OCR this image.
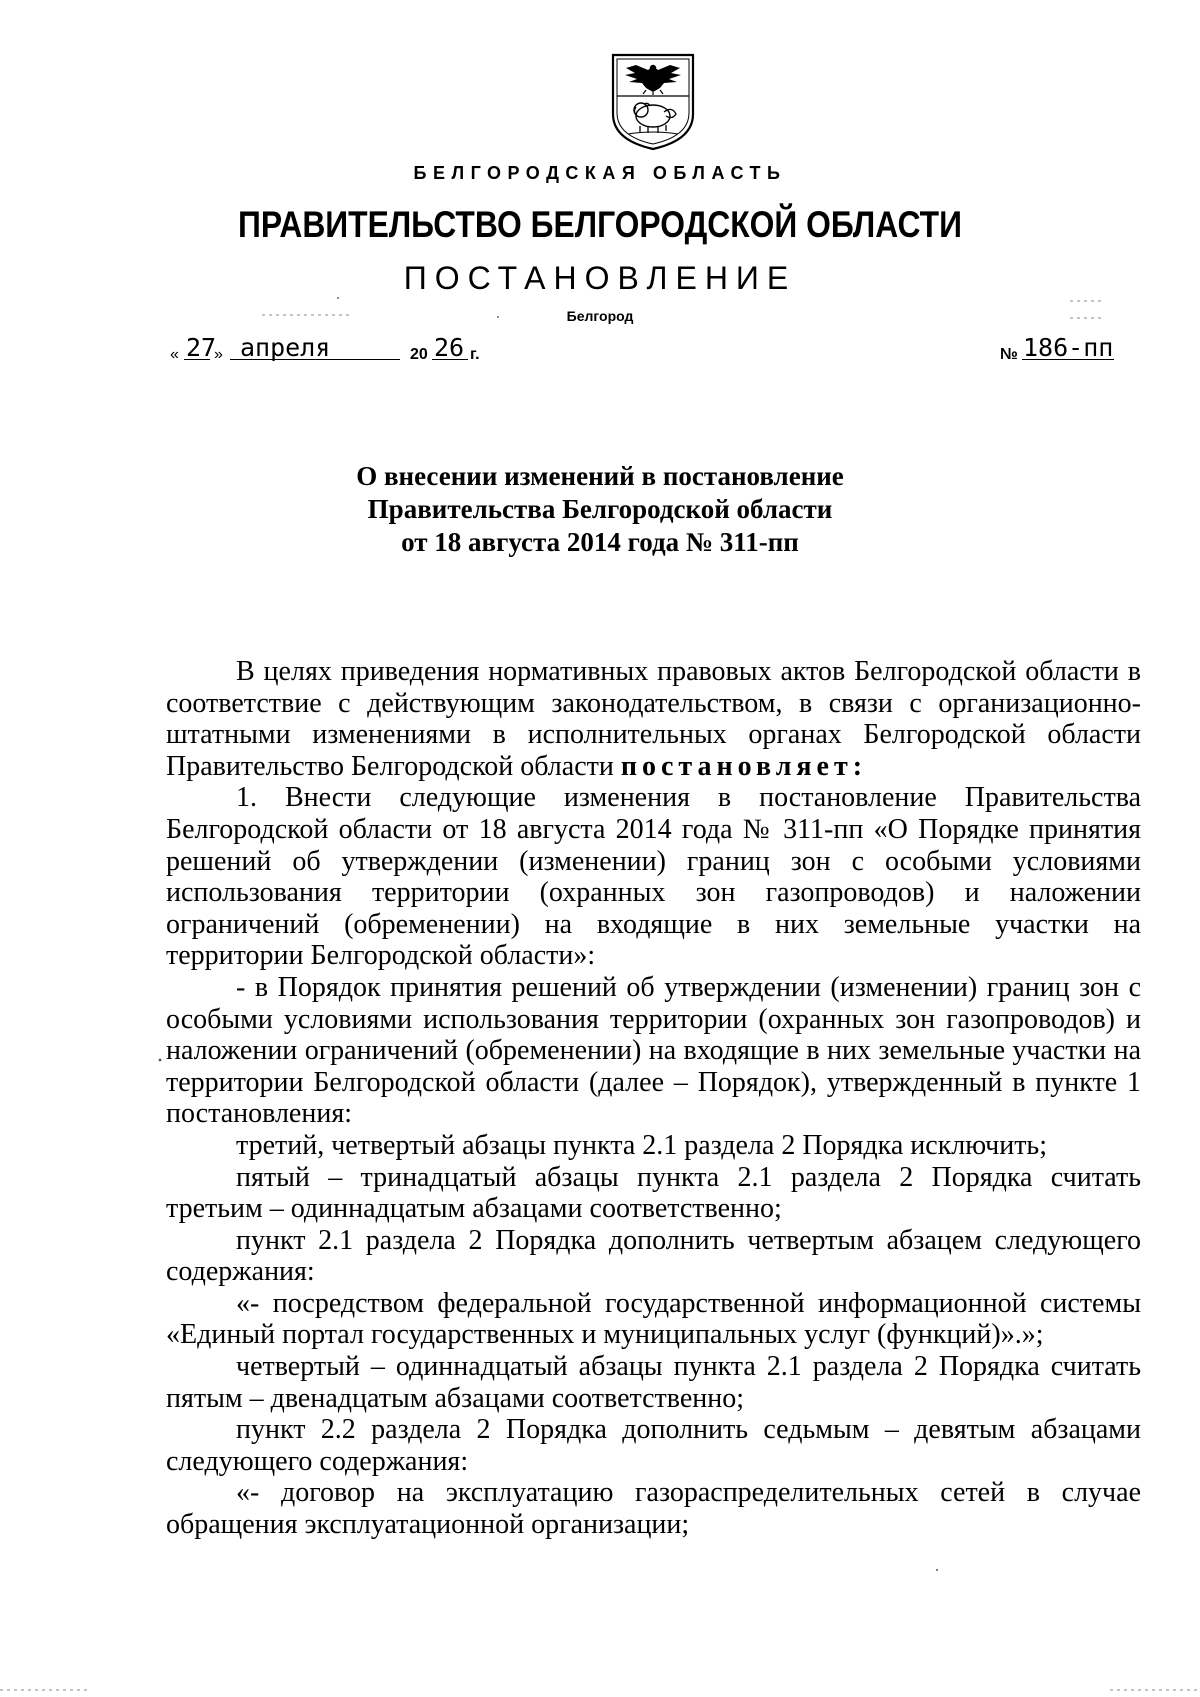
БЕЛГОРОДСКАЯ ОБЛАСТЬ
ПРАВИТЕЛЬСТВО БЕЛГОРОДСКОЙ ОБЛАСТИ
ПОСТАНОВЛЕНИЕ
Белгород
« 27
» апреля	20 26 г.	№ 186-пп
О внесении изменений в постановление
Правительства Белгородской области
от 18 августа 2014 года № 311-пп

В целях приведения нормативных правовых актов Белгородской области в соответствие с действующим законодательством, в связи с организационно-штатными изменениями в исполнительных органах Белгородской области Правительство Белгородской области постановляет:

1. Внести следующие изменения в постановление Правительства Белгородской области от 18 августа 2014 года № 311-пп «О Порядке принятия решений об утверждении (изменении) границ зон с особыми условиями использования территории (охранных зон газопроводов) и наложении ограничений (обременении) на входящие в них земельные участки на территории Белгородской области»:

- в Порядок принятия решений об утверждении (изменении) границ зон с особыми условиями использования территории (охранных зон газопроводов) и наложении ограничений (обременении) на входящие в них земельные участки на территории Белгородской области (далее – Порядок), утвержденный в пункте 1 постановления:

третий, четвертый абзацы пункта 2.1 раздела 2 Порядка исключить;

пятый – тринадцатый абзацы пункта 2.1 раздела 2 Порядка считать третьим – одиннадцатым абзацами соответственно;

пункт 2.1 раздела 2 Порядка дополнить четвертым абзацем следующего содержания:

«- посредством федеральной государственной информационной системы «Единый портал государственных и муниципальных услуг (функций)».»;

четвертый – одиннадцатый абзацы пункта 2.1 раздела 2 Порядка считать пятым – двенадцатым абзацами соответственно;

пункт 2.2 раздела 2 Порядка дополнить седьмым – девятым абзацами следующего содержания:

«- договор на эксплуатацию газораспределительных сетей в случае обращения эксплуатационной организации;
